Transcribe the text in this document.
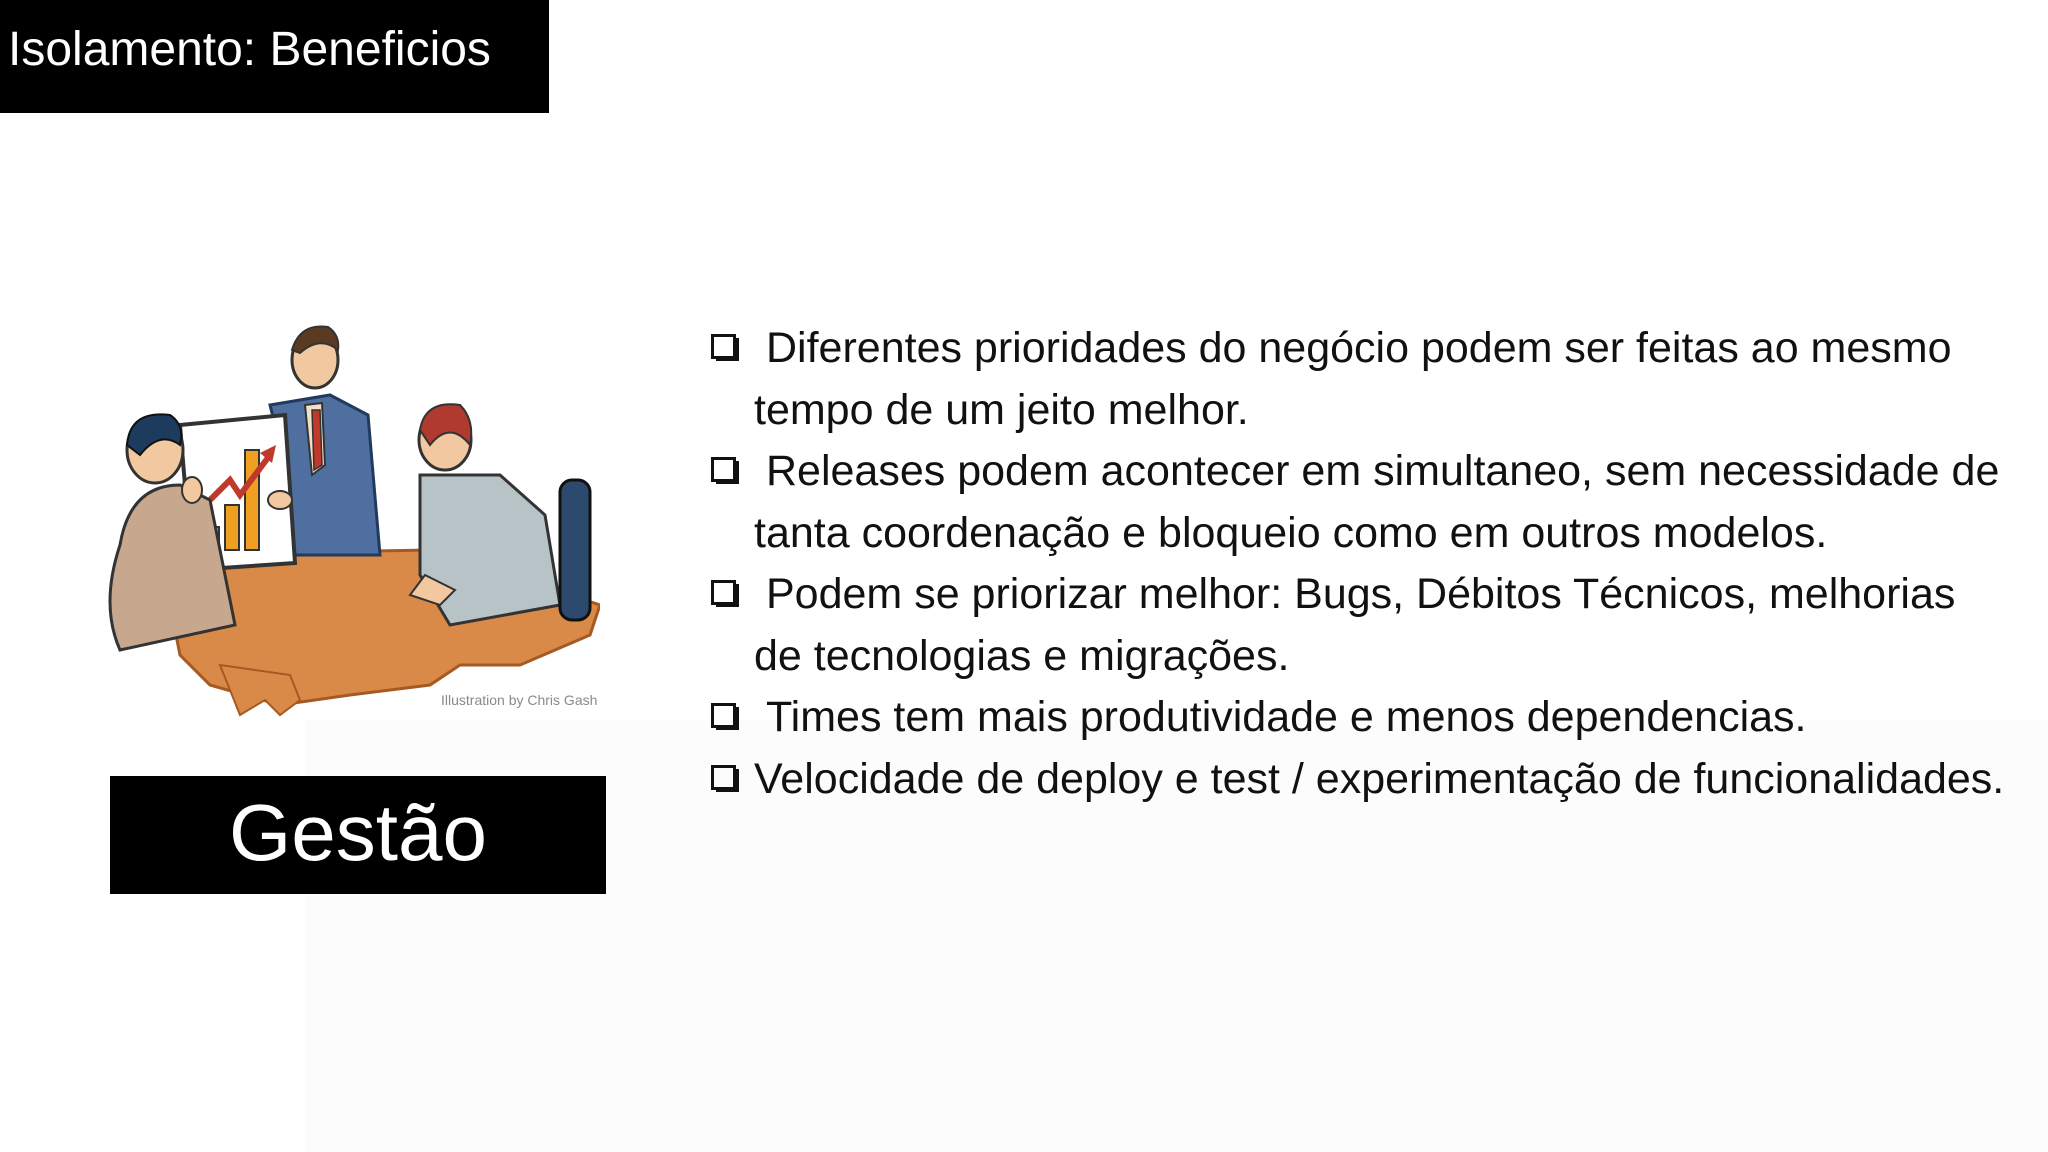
Isolamento: Beneficios
Illustration by Chris Gash
Gestão
Diferentes prioridades do negócio podem ser feitas ao mesmo tempo de um jeito melhor.
Releases podem acontecer em simultaneo, sem necessidade de tanta coordenação e bloqueio como em outros modelos.
Podem se priorizar melhor: Bugs, Débitos Técnicos, melhorias de tecnologias e migrações.
Times tem mais produtividade e menos dependencias.
Velocidade de deploy e test / experimentação de funcionalidades.
